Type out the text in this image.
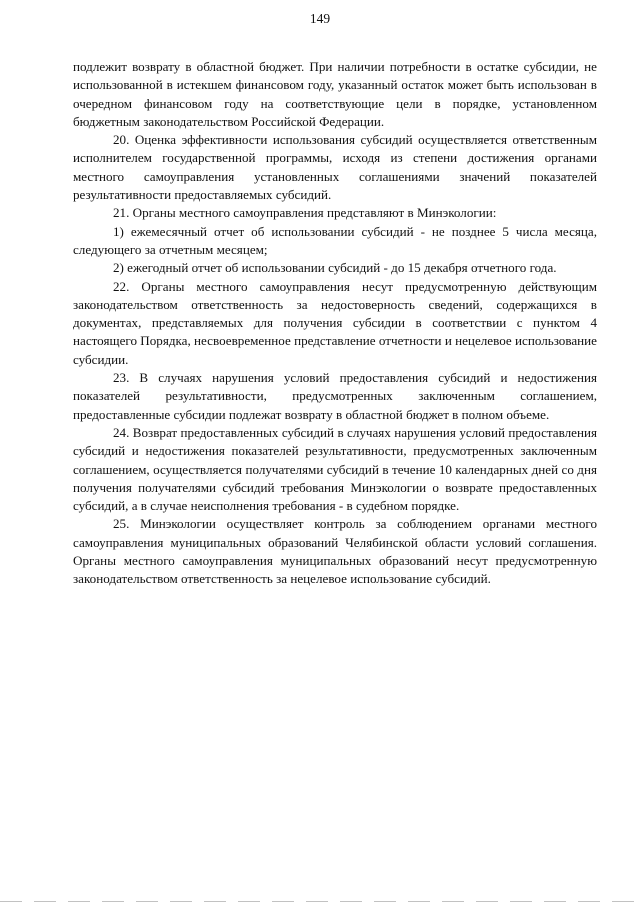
149

подлежит возврату в областной бюджет. При наличии потребности в остатке субсидии, не использованной в истекшем финансовом году, указанный остаток может быть использован в очередном финансовом году на соответствующие цели в порядке, установленном бюджетным законодательством Российской Федерации.

20. Оценка эффективности использования субсидий осуществляется ответственным исполнителем государственной программы, исходя из степени достижения органами местного самоуправления установленных соглашениями значений показателей результативности предоставляемых субсидий.

21. Органы местного самоуправления представляют в Минэкологии:

1) ежемесячный отчет об использовании субсидий - не позднее 5 числа месяца, следующего за отчетным месяцем;

2) ежегодный отчет об использовании субсидий - до 15 декабря отчетного года.

22. Органы местного самоуправления несут предусмотренную действующим законодательством ответственность за недостоверность сведений, содержащихся в документах, представляемых для получения субсидии в соответствии с пунктом 4 настоящего Порядка, несвоевременное представление отчетности и нецелевое использование субсидии.

23. В случаях нарушения условий предоставления субсидий и недостижения показателей результативности, предусмотренных заключенным соглашением, предоставленные субсидии подлежат возврату в областной бюджет в полном объеме.

24. Возврат предоставленных субсидий в случаях нарушения условий предоставления субсидий и недостижения показателей результативности, предусмотренных заключенным соглашением, осуществляется получателями субсидий в течение 10 календарных дней со дня получения получателями субсидий требования Минэкологии о возврате предоставленных субсидий, а в случае неисполнения требования - в судебном порядке.

25. Минэкологии осуществляет контроль за соблюдением органами местного самоуправления муниципальных образований Челябинской области условий соглашения. Органы местного самоуправления муниципальных образований несут предусмотренную законодательством ответственность за нецелевое использование субсидий.
